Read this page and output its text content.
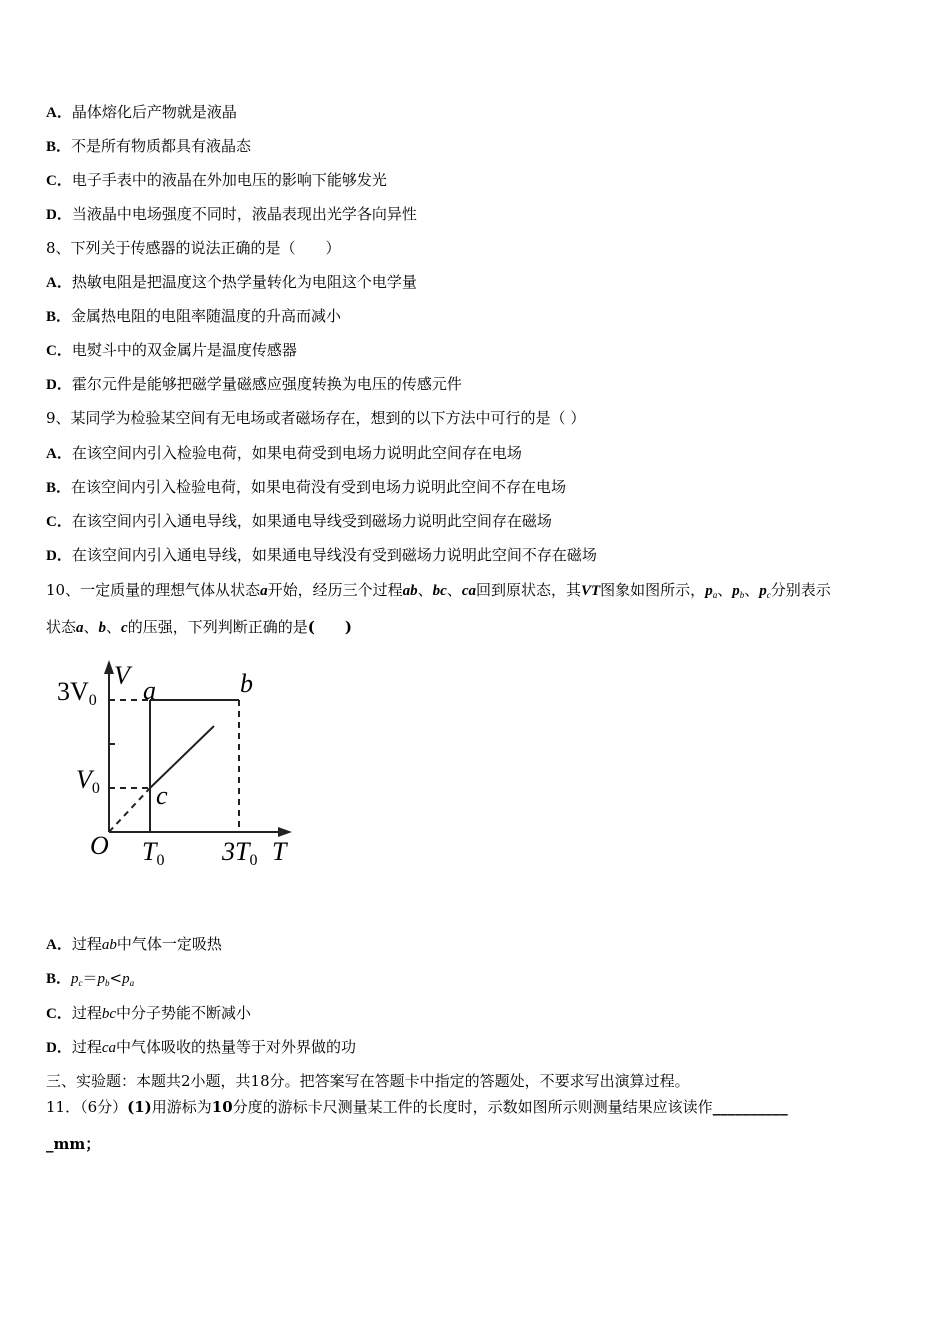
A．晶体熔化后产物就是液晶
B．不是所有物质都具有液晶态
C．电子手表中的液晶在外加电压的影响下能够发光
D．当液晶中电场强度不同时，液晶表现出光学各向异性
8、下列关于传感器的说法正确的是（　　）
A．热敏电阻是把温度这个热学量转化为电阻这个电学量
B．金属热电阻的电阻率随温度的升高而减小
C．电熨斗中的双金属片是温度传感器
D．霍尔元件是能够把磁学量磁感应强度转换为电压的传感元件
9、某同学为检验某空间有无电场或者磁场存在，想到的以下方法中可行的是（ ）
A．在该空间内引入检验电荷，如果电荷受到电场力说明此空间存在电场
B．在该空间内引入检验电荷，如果电荷没有受到电场力说明此空间不存在电场
C．在该空间内引入通电导线，如果通电导线受到磁场力说明此空间存在磁场
D．在该空间内引入通电导线，如果通电导线没有受到磁场力说明此空间不存在磁场
10、一定质量的理想气体从状态a开始，经历三个过程ab、bc、ca回到原状态，其VT图象如图所示，$p_a$、$p_b$、$p_c$分别表示
状态a、b、c的压强，下列判断正确的是(　　)
3V0
V
a	b
V0 c
O T0 3T0 T
A．过程ab中气体一定吸热
B．$p_c=p_b<p_a$
C．过程bc中分子势能不断减小
D．过程ca中气体吸收的热量等于对外界做的功
三、实验题：本题共2小题，共18分。把答案写在答题卡中指定的答题处，不要求写出演算过程。
11．（6分）(1)用游标为10分度的游标卡尺测量某工件的长度时，示数如图所示则测量结果应该读作__________
_mm；
